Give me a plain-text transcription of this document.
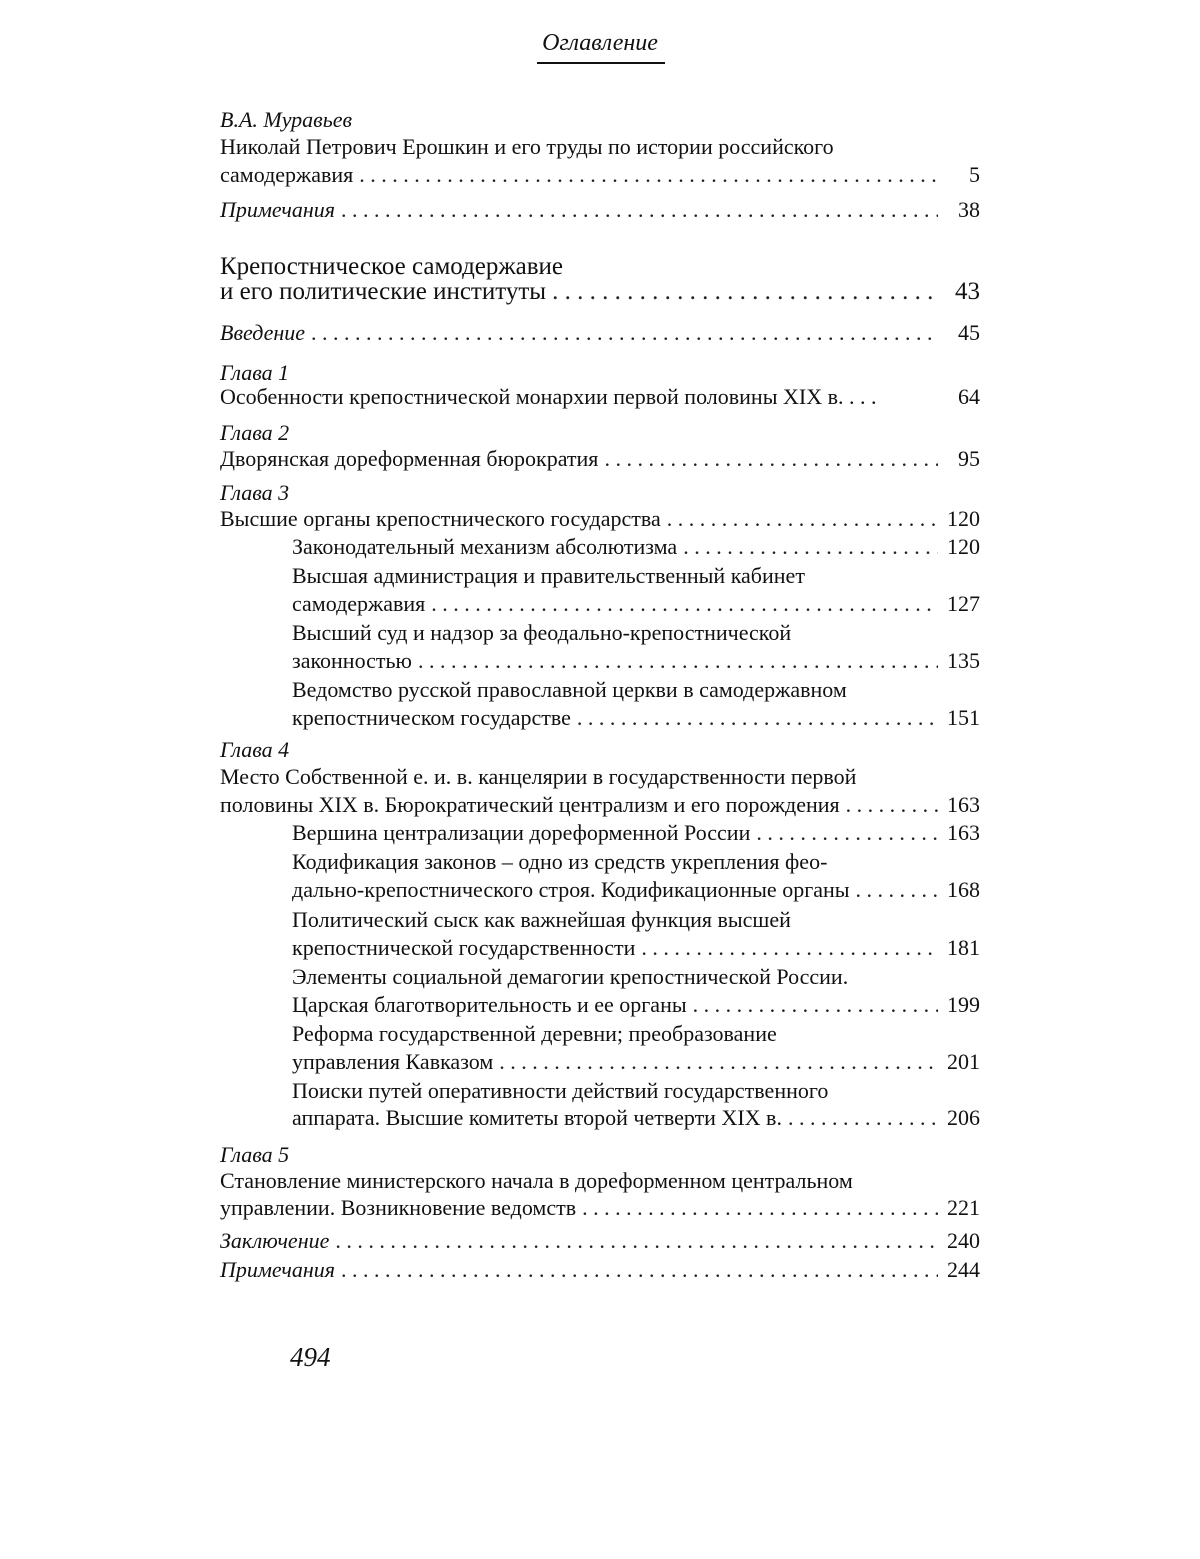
Оглавление
В.А. Муравьев
Николай Петрович Ерошкин и его труды по истории российского
самодержавия
. . .	5
Примечания
. . .	38
Крепостническое самодержавие
и его политические институты
. . .	43
Введение
. . .	45
Глава 1
Особенности крепостнической монархии первой половины XIX в. . . .	64
Глава 2
Дворянская дореформенная бюрократия
. . .	95
Глава 3
Высшие органы крепостнического государства
. . .	120
Законодательный механизм абсолютизма
. . .	120
Высшая администрация и правительственный кабинет
самодержавия
. . .	127
Высший суд и надзор за феодально-крепостнической
законностью
. . .	135
Ведомство русской православной церкви в самодержавном
крепостническом государстве
. . .	151
Глава 4
Место Собственной е. и. в. канцелярии в государственности первой
половины XIX в. Бюрократический централизм и его порождения
. . .	163
Вершина централизации дореформенной России
. . .	163
Кодификация законов – одно из средств укрепления фео-
дально-крепостнического строя. Кодификационные органы
. . .	168
Политический сыск как важнейшая функция высшей
крепостнической государственности
. . .	181
Элементы социальной демагогии крепостнической России.
Царская благотворительность и ее органы
. . .	199
Реформа государственной деревни; преобразование
управления Кавказом
. . .	201
Поиски путей оперативности действий государственного
аппарата. Высшие комитеты второй четверти XIX в.
. . .	206
Глава 5
Становление министерского начала в дореформенном центральном
управлении. Возникновение ведомств
. . .	221
Заключение
. . .	240
Примечания
. . .	244
494
